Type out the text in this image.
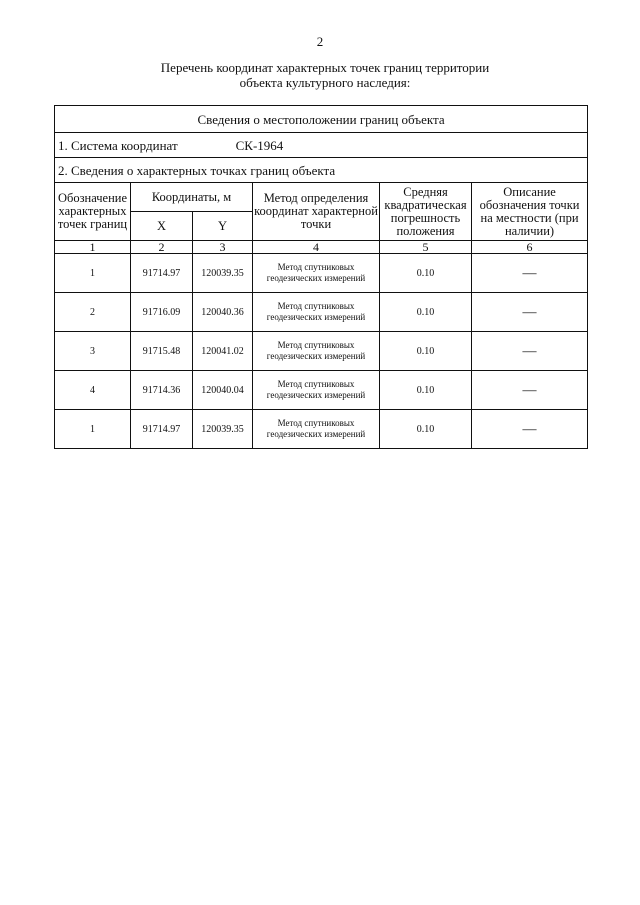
2
Перечень координат характерных точек границ территории
объекта культурного наследия:
Сведения о местоположении границ объекта					
1. Система координат СК-1964					
2. Сведения о характерных точках границ объекта					
Обозначение характерных точек границ	Координаты, м		Метод определения координат характерной точки	Средняя квадратическая погрешность положения	Описание обозначения точки на местности (при наличии)
	X	Y			
1	2	3	4	5	6
1	91714.97	120039.35	Метод спутниковых геодезических измерений	0.10	—
2	91716.09	120040.36	Метод спутниковых геодезических измерений	0.10	—
3	91715.48	120041.02	Метод спутниковых геодезических измерений	0.10	—
4	91714.36	120040.04	Метод спутниковых геодезических измерений	0.10	—
1	91714.97	120039.35	Метод спутниковых геодезических измерений	0.10	—
